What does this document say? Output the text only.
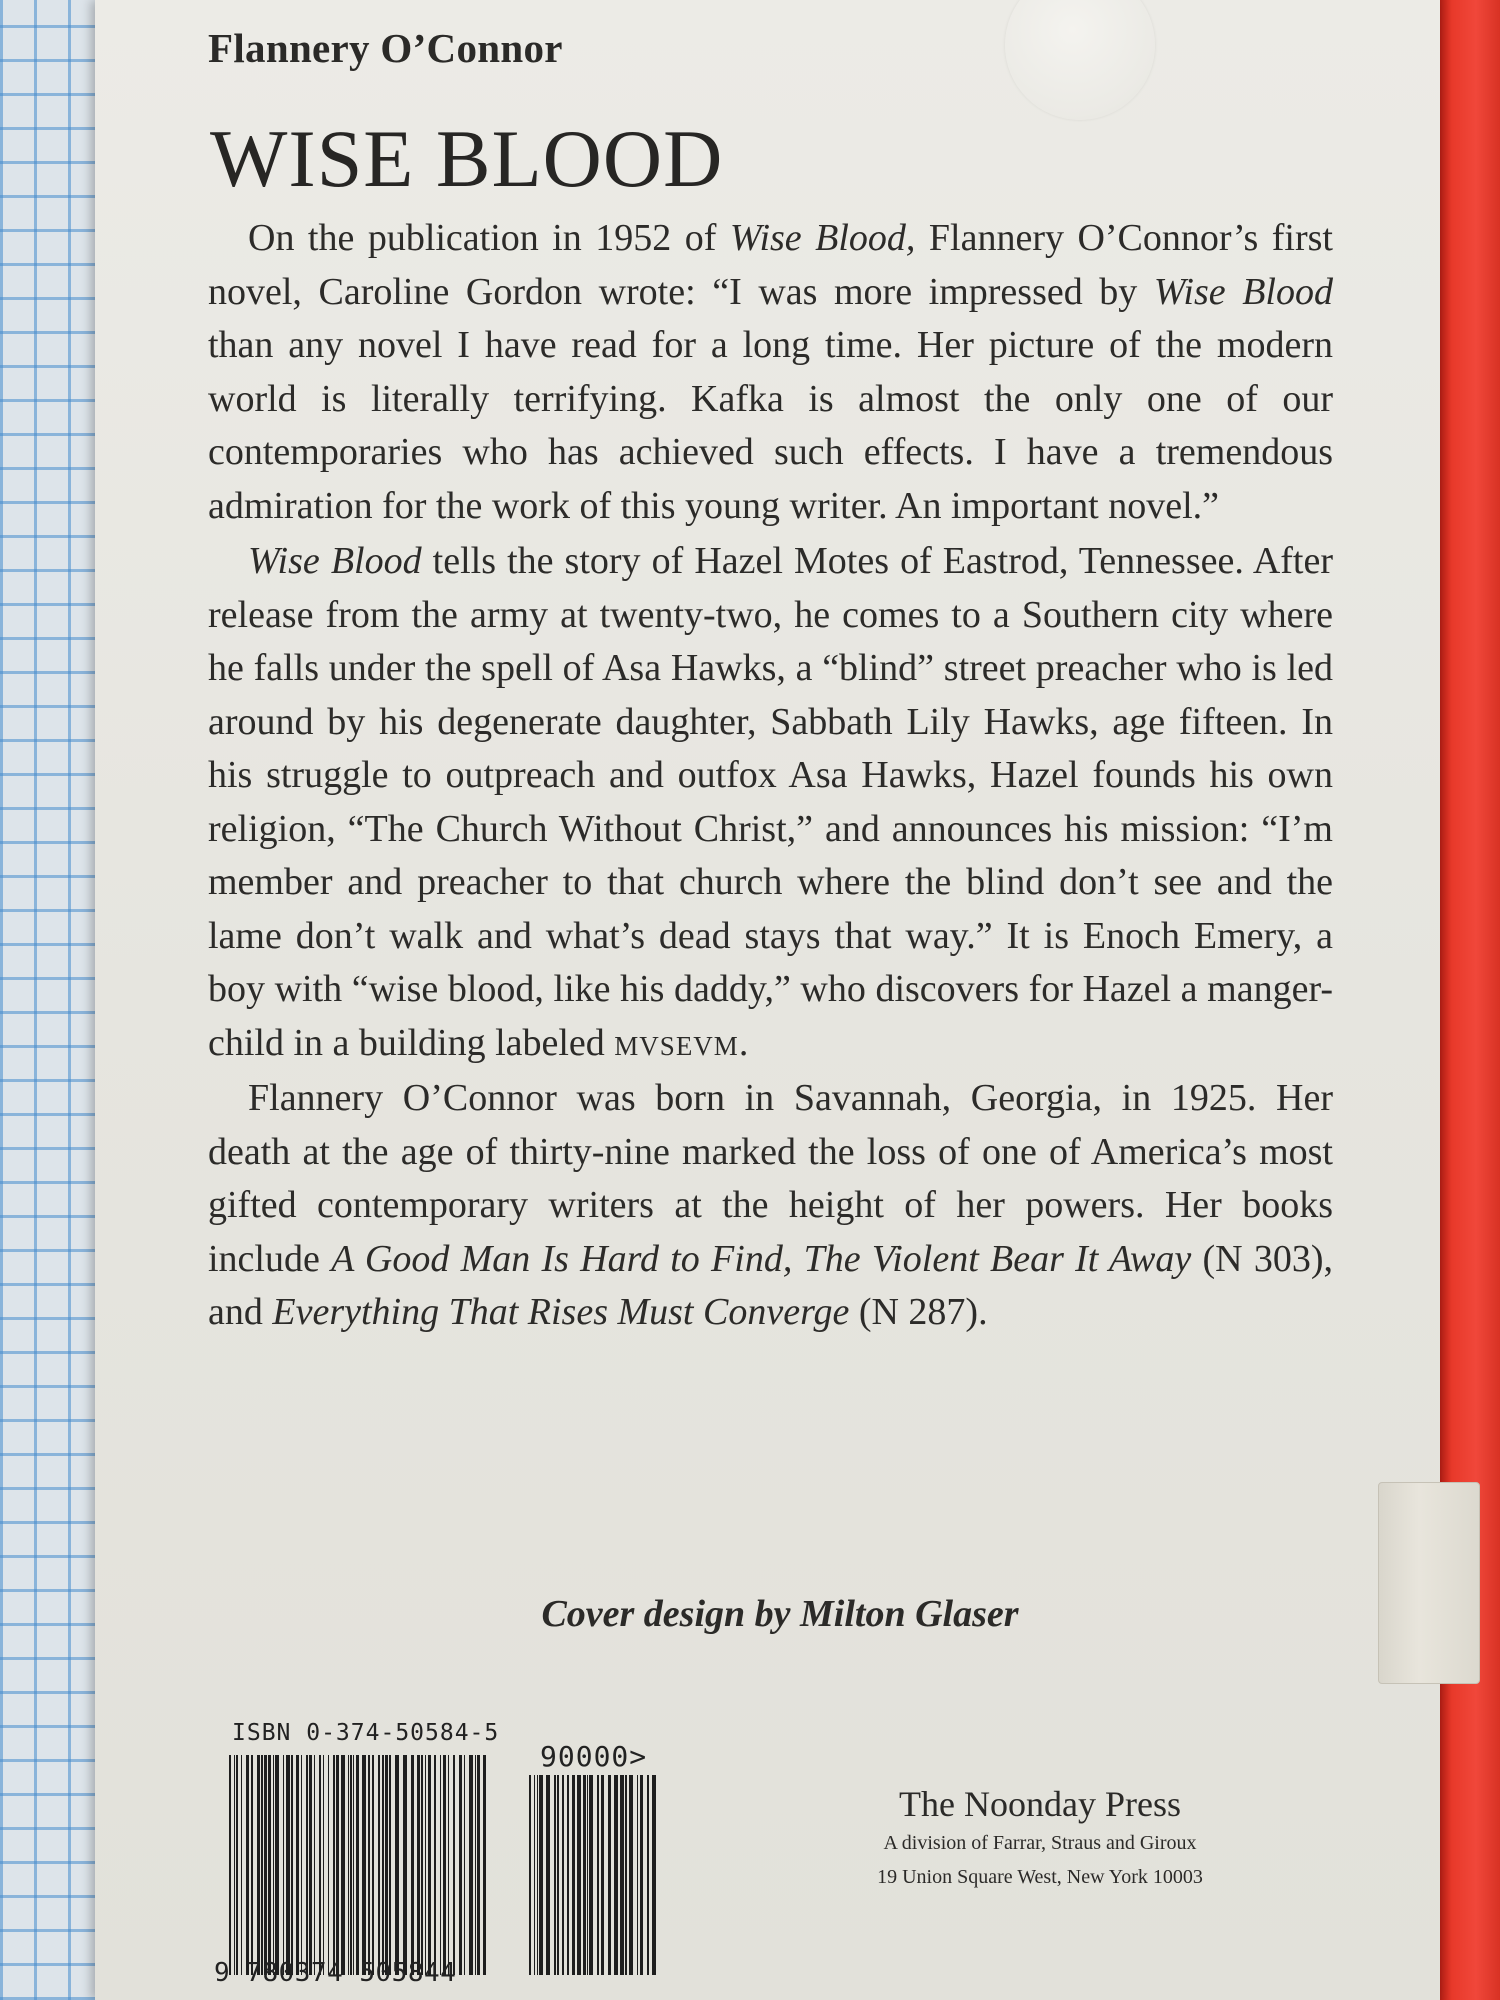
Flannery O’Connor
WISE BLOOD

On the publication in 1952 of Wise Blood, Flannery O’Connor’s first novel, Caroline Gordon wrote: “I was more impressed by Wise Blood than any novel I have read for a long time. Her picture of the modern world is literally terrifying. Kafka is almost the only one of our contemporaries who has achieved such effects. I have a tremendous admiration for the work of this young writer. An important novel.”

Wise Blood tells the story of Hazel Motes of Eastrod, Tennessee. After release from the army at twenty-two, he comes to a Southern city where he falls under the spell of Asa Hawks, a “blind” street preacher who is led around by his degenerate daughter, Sabbath Lily Hawks, age fifteen. In his struggle to outpreach and outfox Asa Hawks, Hazel founds his own religion, “The Church Without Christ,” and announces his mission: “I’m member and preacher to that church where the blind don’t see and the lame don’t walk and what’s dead stays that way.” It is Enoch Emery, a boy with “wise blood, like his daddy,” who discovers for Hazel a manger-child in a building labeled mvsevm.

Flannery O’Connor was born in Savannah, Georgia, in 1925. Her death at the age of thirty-nine marked the loss of one of America’s most gifted contemporary writers at the height of her powers. Her books include A Good Man Is Hard to Find, The Violent Bear It Away (N 303), and Everything That Rises Must Converge (N 287).

Cover design by Milton Glaser
ISBN 0-374-50584-5
9 780374 505844
90000>
The Noonday Press
A division of Farrar, Straus and Giroux
19 Union Square West, New York 10003
